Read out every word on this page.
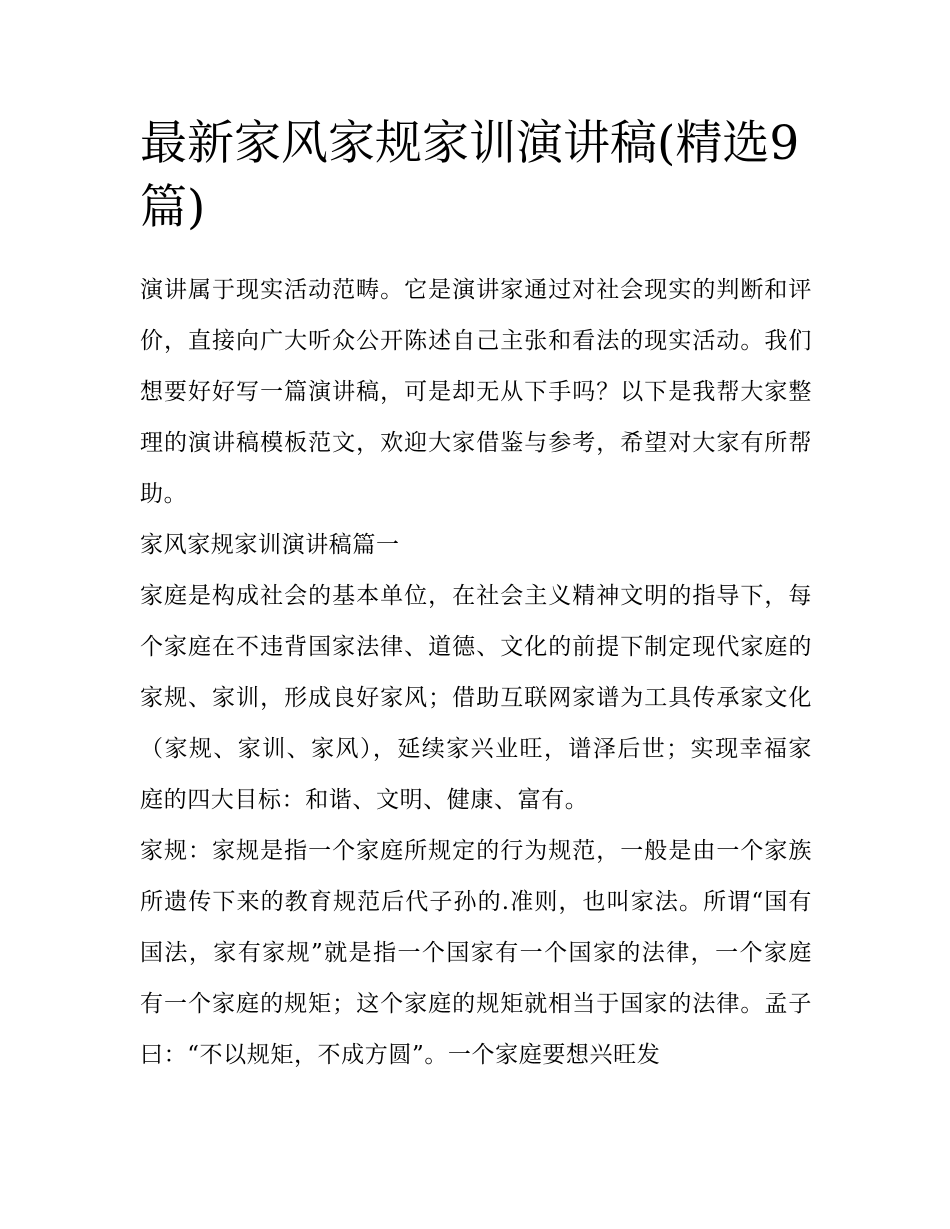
最新家风家规家训演讲稿(精选9篇)

演讲属于现实活动范畴。它是演讲家通过对社会现实的判断和评价，直接向广大听众公开陈述自己主张和看法的现实活动。我们想要好好写一篇演讲稿，可是却无从下手吗？以下是我帮大家整理的演讲稿模板范文，欢迎大家借鉴与参考，希望对大家有所帮助。

家风家规家训演讲稿篇一

家庭是构成社会的基本单位，在社会主义精神文明的指导下，每个家庭在不违背国家法律、道德、文化的前提下制定现代家庭的家规、家训，形成良好家风；借助互联网家谱为工具传承家文化（家规、家训、家风），延续家兴业旺，谱泽后世；实现幸福家庭的四大目标：和谐、文明、健康、富有。

家规：家规是指一个家庭所规定的行为规范，一般是由一个家族所遗传下来的教育规范后代子孙的.准则，也叫家法。所谓“国有国法，家有家规”就是指一个国家有一个国家的法律，一个家庭有一个家庭的规矩；这个家庭的规矩就相当于国家的法律。孟子曰：“不以规矩，不成方圆”。一个家庭要想兴旺发
